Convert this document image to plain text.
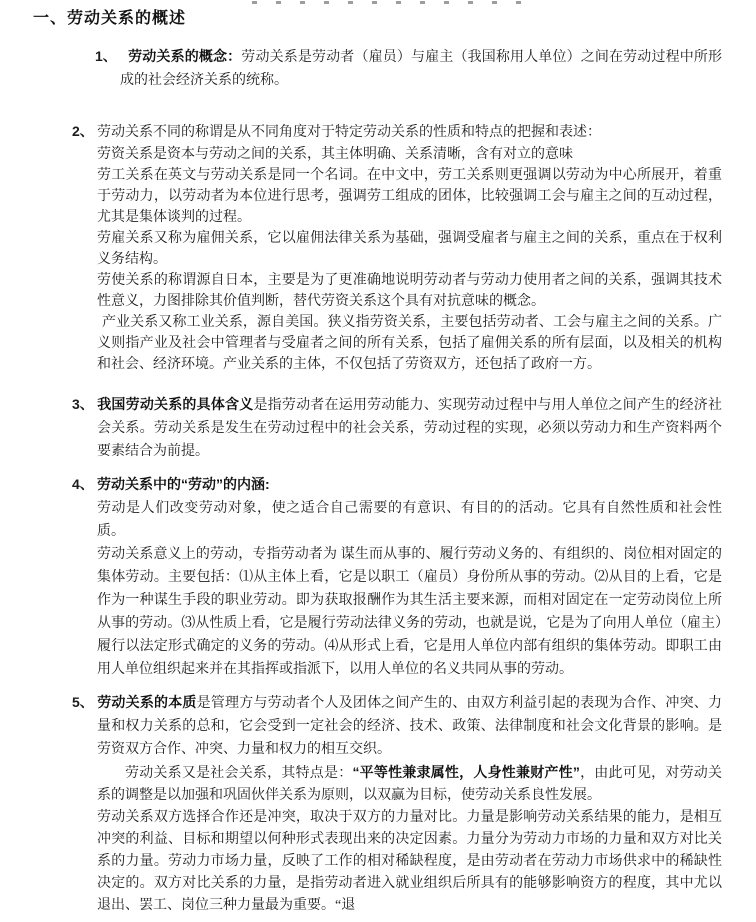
一、劳动关系的概述
1、 劳动关系的概念：劳动关系是劳动者（雇员）与雇主（我国称用人单位）之间在劳动过程中所形成的社会经济关系的统称。
2、 劳动关系不同的称谓是从不同角度对于特定劳动关系的性质和特点的把握和表述：

劳资关系是资本与劳动之间的关系，其主体明确、关系清晰，含有对立的意味

劳工关系在英文与劳动关系是同一个名词。在中文中，劳工关系则更强调以劳动为中心所展开，着重于劳动力，以劳动者为本位进行思考，强调劳工组成的团体，比较强调工会与雇主之间的互动过程，尤其是集体谈判的过程。

劳雇关系又称为雇佣关系，它以雇佣法律关系为基础，强调受雇者与雇主之间的关系，重点在于权利义务结构。

劳使关系的称谓源自日本，主要是为了更准确地说明劳动者与劳动力使用者之间的关系，强调其技术性意义，力图排除其价值判断，替代劳资关系这个具有对抗意味的概念。

产业关系又称工业关系，源自美国。狭义指劳资关系，主要包括劳动者、工会与雇主之间的关系。广义则指产业及社会中管理者与受雇者之间的所有关系，包括了雇佣关系的所有层面，以及相关的机构和社会、经济环境。产业关系的主体，不仅包括了劳资双方，还包括了政府一方。

3、 我国劳动关系的具体含义是指劳动者在运用劳动能力、实现劳动过程中与用人单位之间产生的经济社会关系。劳动关系是发生在劳动过程中的社会关系，劳动过程的实现，必须以劳动力和生产资料两个要素结合为前提。
4、 劳动关系中的“劳动”的内涵:

劳动是人们改变劳动对象，使之适合自己需要的有意识、有目的的活动。它具有自然性质和社会性质。

劳动关系意义上的劳动，专指劳动者为 谋生而从事的、履行劳动义务的、有组织的、岗位相对固定的集体劳动。主要包括：⑴从主体上看，它是以职工（雇员）身份所从事的劳动。⑵从目的上看，它是作为一种谋生手段的职业劳动。即为获取报酬作为其生活主要来源，而相对固定在一定劳动岗位上所从事的劳动。⑶从性质上看，它是履行劳动法律义务的劳动，也就是说，它是为了向用人单位（雇主）履行以法定形式确定的义务的劳动。⑷从形式上看，它是用人单位内部有组织的集体劳动。即职工由用人单位组织起来并在其指挥或指派下，以用人单位的名义共同从事的劳动。

5、 劳动关系的本质是管理方与劳动者个人及团体之间产生的、由双方利益引起的表现为合作、冲突、力量和权力关系的总和，它会受到一定社会的经济、技术、政策、法律制度和社会文化背景的影响。是劳资双方合作、冲突、力量和权力的相互交织。

劳动关系又是社会关系，其特点是：“平等性兼隶属性，人身性兼财产性”，由此可见，对劳动关系的调整是以加强和巩固伙伴关系为原则，以双赢为目标，使劳动关系良性发展。

劳动关系双方选择合作还是冲突，取决于双方的力量对比。力量是影响劳动关系结果的能力，是相互冲突的利益、目标和期望以何种形式表现出来的决定因素。力量分为劳动力市场的力量和双方对比关系的力量。劳动力市场力量，反映了工作的相对稀缺程度，是由劳动者在劳动力市场供求中的稀缺性决定的。双方对比关系的力量，是指劳动者进入就业组织后所具有的能够影响资方的程度，其中尤以退出、罢工、岗位三种力量最为重要。“退
